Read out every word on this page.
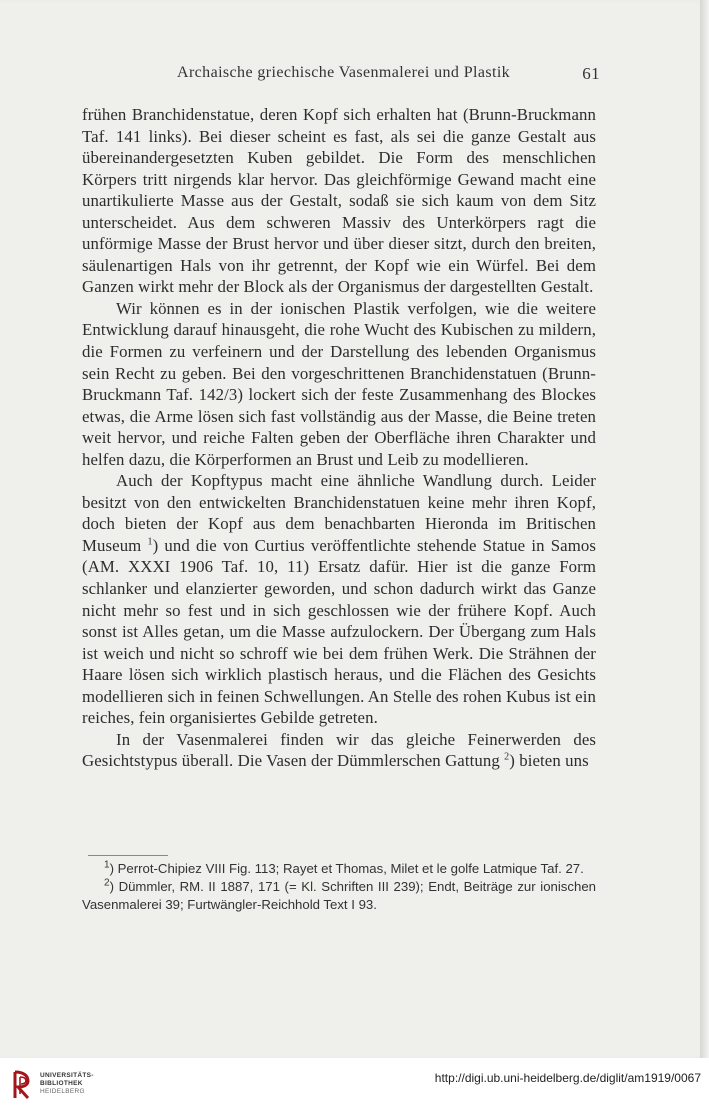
Archaische griechische Vasenmalerei und Plastik	61

frühen Branchidenstatue, deren Kopf sich erhalten hat (Brunn-Bruckmann Taf. 141 links). Bei dieser scheint es fast, als sei die ganze Gestalt aus übereinandergesetzten Kuben gebildet. Die Form des menschlichen Körpers tritt nirgends klar hervor. Das gleichförmige Gewand macht eine unartikulierte Masse aus der Gestalt, sodaß sie sich kaum von dem Sitz unterscheidet. Aus dem schweren Massiv des Unterkörpers ragt die unförmige Masse der Brust hervor und über dieser sitzt, durch den breiten, säulenartigen Hals von ihr getrennt, der Kopf wie ein Würfel. Bei dem Ganzen wirkt mehr der Block als der Organismus der dargestellten Gestalt.

Wir können es in der ionischen Plastik verfolgen, wie die weitere Entwicklung darauf hinausgeht, die rohe Wucht des Kubischen zu mildern, die Formen zu verfeinern und der Darstellung des lebenden Organismus sein Recht zu geben. Bei den vorgeschrittenen Branchidenstatuen (Brunn-Bruckmann Taf. 142/3) lockert sich der feste Zusammenhang des Blockes etwas, die Arme lösen sich fast vollständig aus der Masse, die Beine treten weit hervor, und reiche Falten geben der Oberfläche ihren Charakter und helfen dazu, die Körperformen an Brust und Leib zu modellieren.

Auch der Kopftypus macht eine ähnliche Wandlung durch. Leider besitzt von den entwickelten Branchidenstatuen keine mehr ihren Kopf, doch bieten der Kopf aus dem benachbarten Hieronda im Britischen Museum $^1$) und die von Curtius veröffentlichte stehende Statue in Samos (AM. XXXI 1906 Taf. 10, 11) Ersatz dafür. Hier ist die ganze Form schlanker und elanzierter geworden, und schon dadurch wirkt das Ganze nicht mehr so fest und in sich geschlossen wie der frühere Kopf. Auch sonst ist Alles getan, um die Masse aufzulockern. Der Übergang zum Hals ist weich und nicht so schroff wie bei dem frühen Werk. Die Strähnen der Haare lösen sich wirklich plastisch heraus, und die Flächen des Gesichts modellieren sich in feinen Schwellungen. An Stelle des rohen Kubus ist ein reiches, fein organisiertes Gebilde getreten.

In der Vasenmalerei finden wir das gleiche Feinerwerden des Gesichtstypus überall. Die Vasen der Dümmlerschen Gattung $^2$) bieten uns

$^1$) Perrot-Chipiez VIII Fig. 113; Rayet et Thomas, Milet et le golfe Latmique Taf. 27.

$^2$) Dümmler, RM. II 1887, 171 (= Kl. Schriften III 239); Endt, Beiträge zur ionischen Vasenmalerei 39; Furtwängler-Reichhold Text I 93.

UNIVERSITÄTS-
BIBLIOTHEK
HEIDELBERG
http://digi.ub.uni-heidelberg.de/diglit/am1919/0067
